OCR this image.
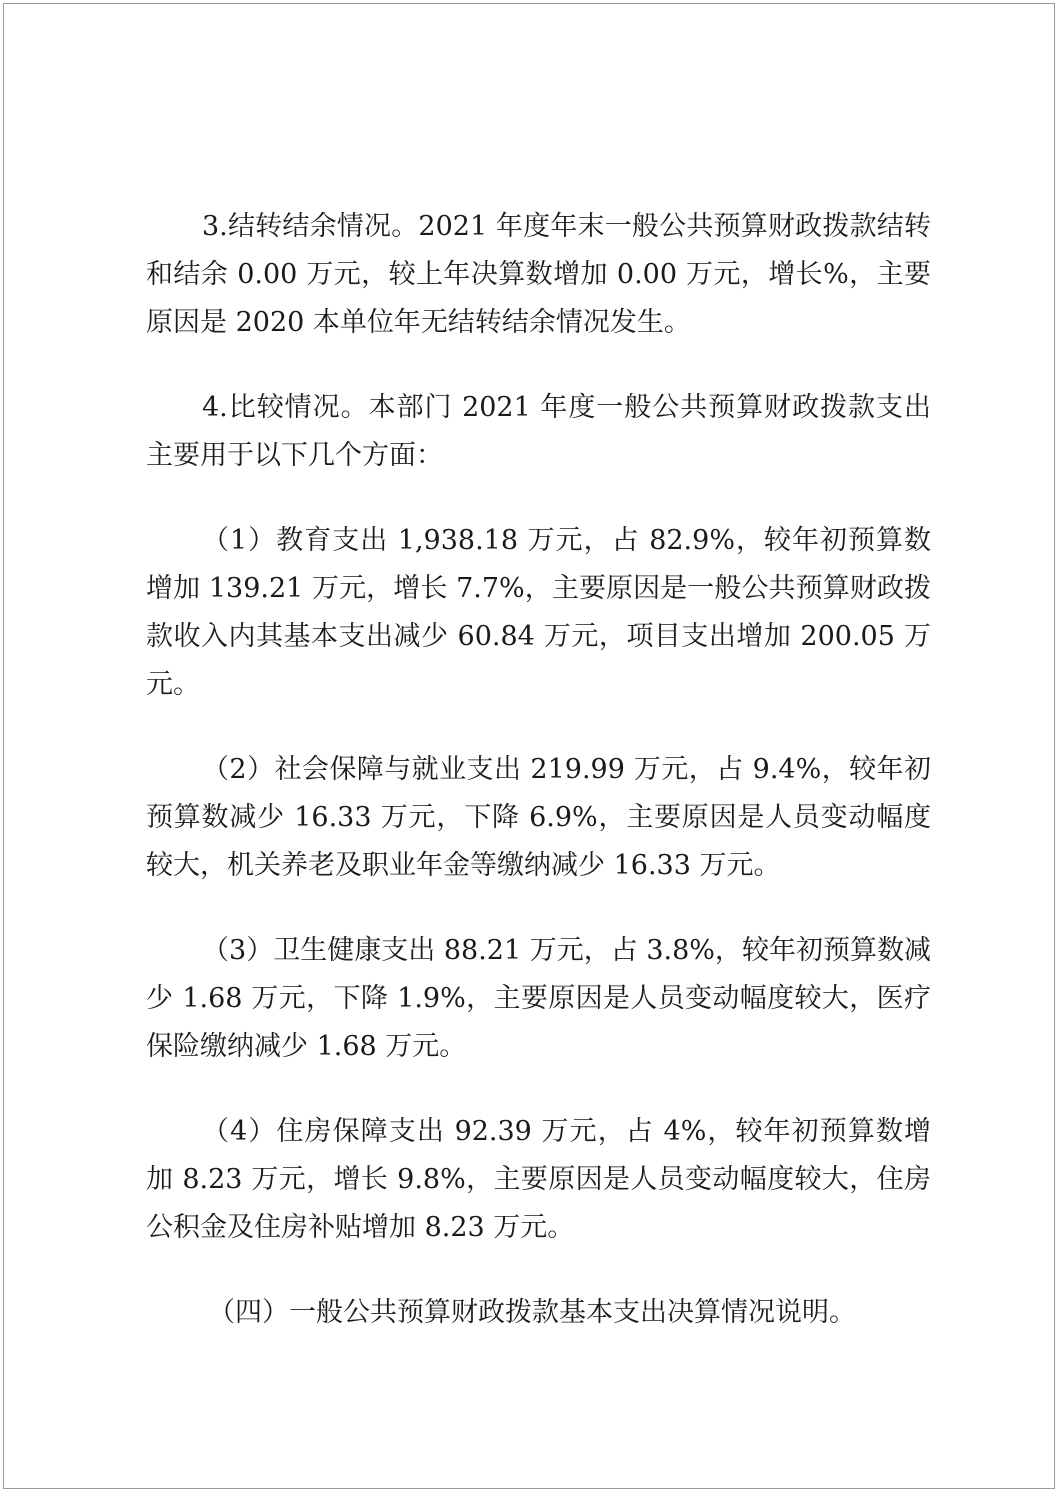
3.结转结余情况。2021 年度年末一般公共预算财政拨款结转和结余 0.00 万元，较上年决算数增加 0.00 万元，增长%，主要原因是 2020 本单位年无结转结余情况发生。

4.比较情况。本部门 2021 年度一般公共预算财政拨款支出主要用于以下几个方面：

（1）教育支出 1,938.18 万元，占 82.9%，较年初预算数增加 139.21 万元，增长 7.7%，主要原因是一般公共预算财政拨款收入内其基本支出减少 60.84 万元，项目支出增加 200.05 万元。

（2）社会保障与就业支出 219.99 万元，占 9.4%，较年初预算数减少 16.33 万元，下降 6.9%，主要原因是人员变动幅度较大，机关养老及职业年金等缴纳减少 16.33 万元。

（3）卫生健康支出 88.21 万元，占 3.8%，较年初预算数减少 1.68 万元，下降 1.9%，主要原因是人员变动幅度较大，医疗保险缴纳减少 1.68 万元。

（4）住房保障支出 92.39 万元，占 4%，较年初预算数增加 8.23 万元，增长 9.8%，主要原因是人员变动幅度较大，住房公积金及住房补贴增加 8.23 万元。

（四）一般公共预算财政拨款基本支出决算情况说明。
